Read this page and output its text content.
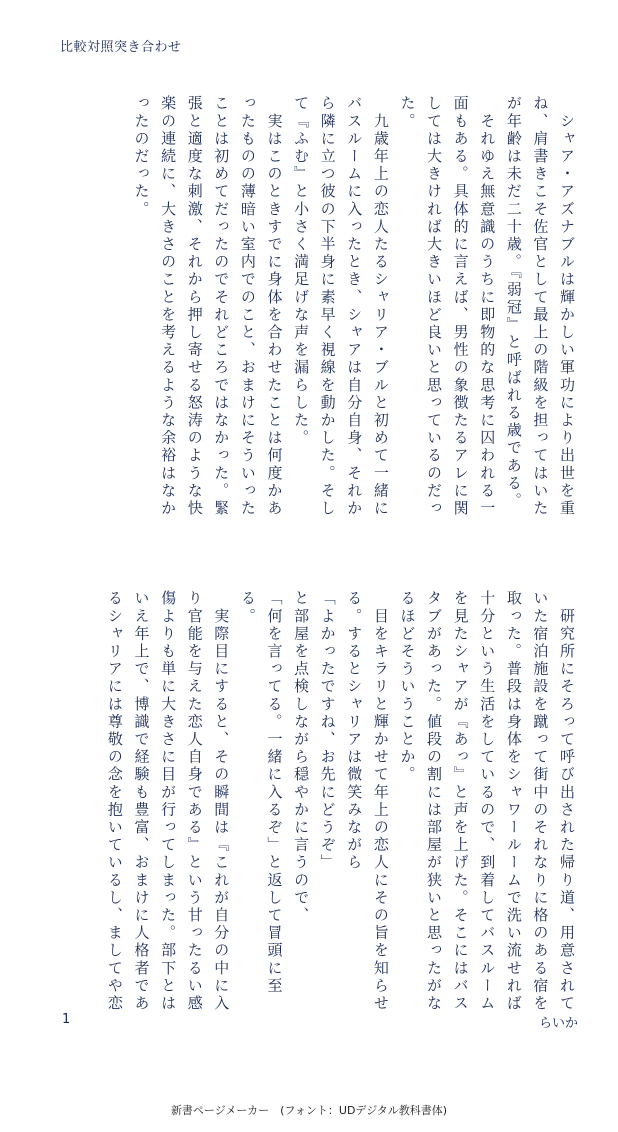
比較対照突き合わせ

　シャア・アズナブルは輝かしい軍功により出世を重ね、肩書きこそ佐官として最上の階級を担ってはいたが年齢は未だ二十歳。『弱冠』と呼ばれる歳である。

　それゆえ無意識のうちに即物的な思考に囚われる一面もある。具体的に言えば、男性の象徴たるアレに関しては大きければ大きいほど良いと思っているのだった。

　九歳年上の恋人たるシャリア・ブルと初めて一緒にバスルームに入ったとき、シャアは自分自身、それから隣に立つ彼の下半身に素早く視線を動かした。そして『ふむ』と小さく満足げな声を漏らした。

　実はこのときすでに身体を合わせたことは何度かあったものの薄暗い室内でのこと、おまけにそういったことは初めてだったのでそれどころではなかった。緊張と適度な刺激、それから押し寄せる怒涛のような快楽の連続に、大きさのことを考えるような余裕はなかったのだった。

　研究所にそろって呼び出された帰り道、用意されていた宿泊施設を蹴って街中のそれなりに格のある宿を取った。普段は身体をシャワールームで洗い流せれば十分という生活をしているので、到着してバスルームを見たシャアが『あっ』と声を上げた。そこにはバスタブがあった。値段の割には部屋が狭いと思ったがなるほどそういうことか。

　目をキラリと輝かせて年上の恋人にその旨を知らせる。するとシャリアは微笑みながら

「よかったですね、お先にどうぞ」

と部屋を点検しながら穏やかに言うので、

「何を言ってる。一緒に入るぞ」と返して冒頭に至る。

　実際目にすると、その瞬間は『これが自分の中に入り官能を与えた恋人自身である』という甘ったるい感傷よりも単に大きさに目が行ってしまった。部下とはいえ年上で、博識で経験も豊富、おまけに人格者であるシャリアには尊敬の念を抱いているし、ましてや恋

1	らいか
新書ページメーカー　(フォント：UDデジタル教科書体)
